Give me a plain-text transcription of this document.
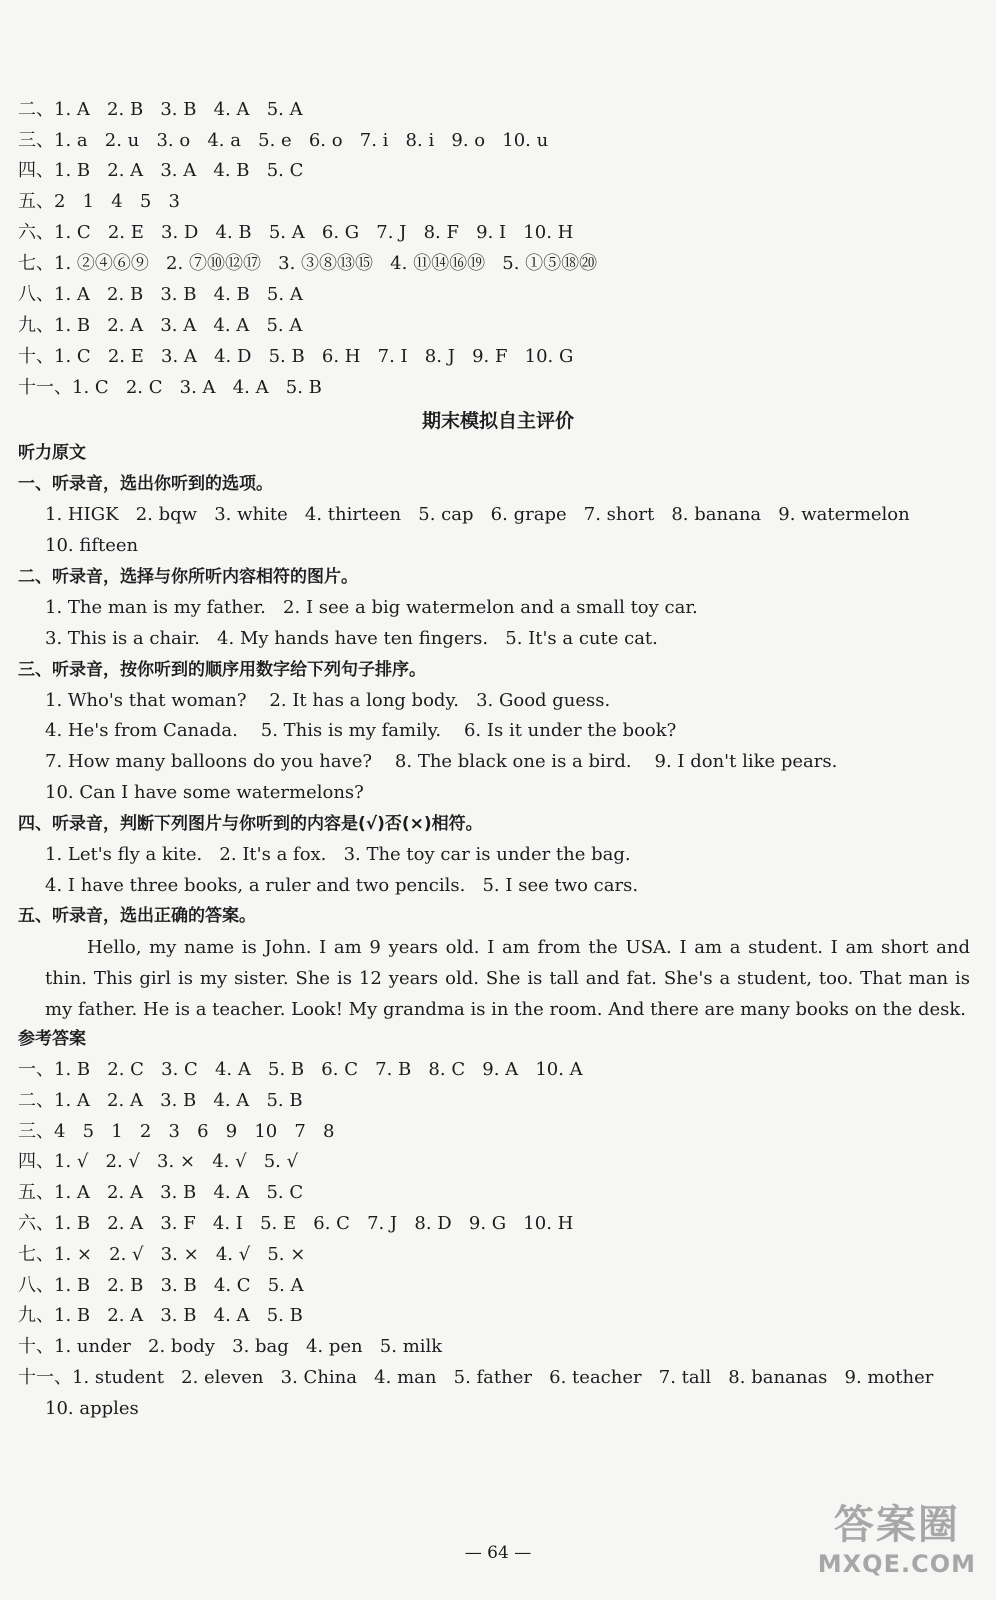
二、1. A   2. B   3. B   4. A   5. A
三、1. a   2. u   3. o   4. a   5. e   6. o   7. i   8. i   9. o   10. u
四、1. B   2. A   3. A   4. B   5. C
五、2   1   4   5   3
六、1. C   2. E   3. D   4. B   5. A   6. G   7. J   8. F   9. I   10. H
七、1. ②④⑥⑨   2. ⑦⑩⑫⑰   3. ③⑧⑬⑮   4. ⑪⑭⑯⑲   5. ①⑤⑱⑳
八、1. A   2. B   3. B   4. B   5. A
九、1. B   2. A   3. A   4. A   5. A
十、1. C   2. E   3. A   4. D   5. B   6. H   7. I   8. J   9. F   10. G
十一、1. C   2. C   3. A   4. A   5. B
期末模拟自主评价
听力原文
一、听录音，选出你听到的选项。
1. HIGK   2. bqw   3. white   4. thirteen   5. cap   6. grape   7. short   8. banana   9. watermelon
10. fifteen
二、听录音，选择与你所听内容相符的图片。
1. The man is my father.   2. I see a big watermelon and a small toy car.
3. This is a chair.   4. My hands have ten fingers.   5. It's a cute cat.
三、听录音，按你听到的顺序用数字给下列句子排序。
1. Who's that woman?    2. It has a long body.   3. Good guess.
4. He's from Canada.    5. This is my family.    6. Is it under the book?
7. How many balloons do you have?    8. The black one is a bird.    9. I don't like pears.
10. Can I have some watermelons?
四、听录音，判断下列图片与你听到的内容是(√)否(×)相符。
1. Let's fly a kite.   2. It's a fox.   3. The toy car is under the bag.
4. I have three books, a ruler and two pencils.   5. I see two cars.
五、听录音，选出正确的答案。
Hello, my name is John. I am 9 years old. I am from the USA. I am a student. I am short and thin. This girl is my sister. She is 12 years old. She is tall and fat. She's a student, too. That man is my father. He is a teacher. Look! My grandma is in the room. And there are many books on the desk.
参考答案
一、1. B   2. C   3. C   4. A   5. B   6. C   7. B   8. C   9. A   10. A
二、1. A   2. A   3. B   4. A   5. B
三、4   5   1   2   3   6   9   10   7   8
四、1. √   2. √   3. ×   4. √   5. √
五、1. A   2. A   3. B   4. A   5. C
六、1. B   2. A   3. F   4. I   5. E   6. C   7. J   8. D   9. G   10. H
七、1. ×   2. √   3. ×   4. √   5. ×
八、1. B   2. B   3. B   4. C   5. A
九、1. B   2. A   3. B   4. A   5. B
十、1. under   2. body   3. bag   4. pen   5. milk
十一、1. student   2. eleven   3. China   4. man   5. father   6. teacher   7. tall   8. bananas   9. mother
10. apples
— 64 —
答案圈
MXQE.COM
